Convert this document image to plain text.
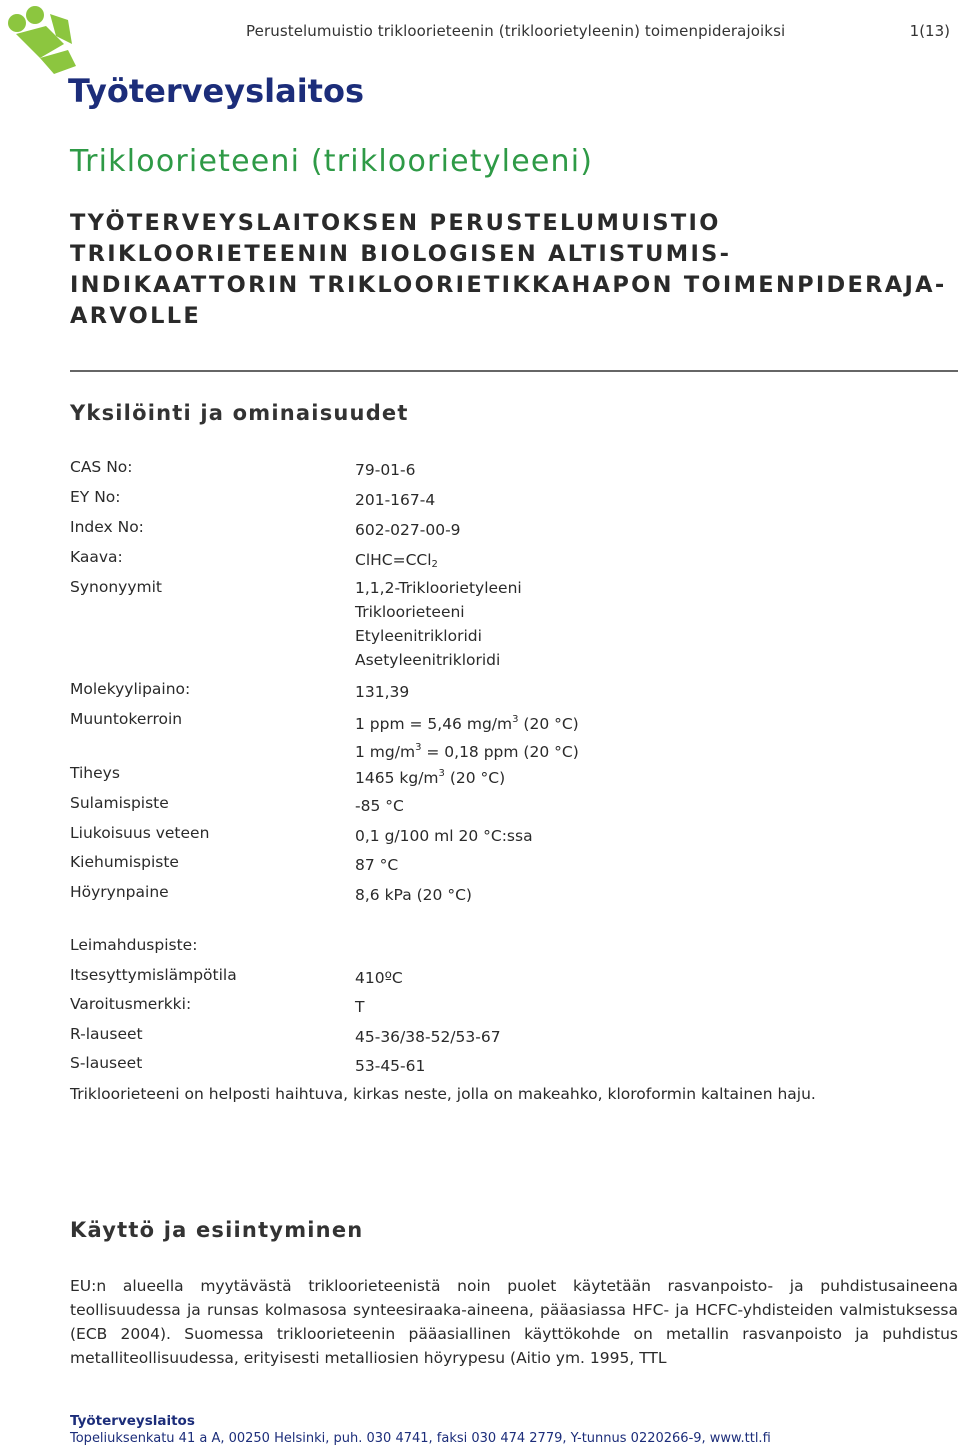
Työterveyslaitos
Perustelumuistio trikloorieteenin (trikloorietyleenin) toimenpiderajoiksi	1(13)
Trikloorieteeni (trikloorietyleeni)
TYÖTERVEYSLAITOKSEN PERUSTELUMUISTIO TRIKLOORIETEENIN BIOLOGISEN ALTISTUMIS-INDIKAATTORIN TRIKLOORIETIKKAHAPON TOIMENPIDERAJA-ARVOLLE
Yksilöinti ja ominaisuudet
CAS No:	79-01-6
EY No:	201-167-4
Index No:	602-027-00-9
Kaava:	ClHC=CCl$_2$
Synonyymit	1,1,2-Trikloorietyleeni
Trikloorieteeni
Etyleenitrikloridi
Asetyleenitrikloridi
Molekyylipaino:	131,39
Muuntokerroin	1 ppm = 5,46 $mg/m^3$ (20 °C)
1 $mg/m^3 = 0,18$ ppm (20 °C)
Tiheys	1465 $kg/m^3$ (20 °C)
Sulamispiste	-85 °C
Liukoisuus veteen	0,1 g/100 ml 20 °C:ssa
Kiehumispiste	87 °C
Höyrynpaine	8,6 kPa (20 °C)
Leimahduspiste:
Itsesyttymislämpötila	410ºC
Varoitusmerkki:	T
R-lauseet	45-36/38-52/53-67
S-lauseet	53-45-61

Trikloorieteeni on helposti haihtuva, kirkas neste, jolla on makeahko, kloroformin kaltainen haju.

Käyttö ja esiintyminen

EU:n alueella myytävästä trikloorieteenistä noin puolet käytetään rasvanpoisto- ja puhdistusaineena teollisuudessa ja runsas kolmasosa synteesiraaka-aineena, pääasiassa HFC- ja HCFC-yhdisteiden valmistuksessa (ECB 2004). Suomessa trikloorieteenin pääasiallinen käyttökohde on metallin rasvanpoisto ja puhdistus metalliteollisuudessa, erityisesti metalliosien höyrypesu (Aitio ym. 1995, TTL

Työterveyslaitos
Topeliuksenkatu 41 a A, 00250 Helsinki, puh. 030 4741, faksi 030 474 2779, Y-tunnus 0220266-9, www.ttl.fi
